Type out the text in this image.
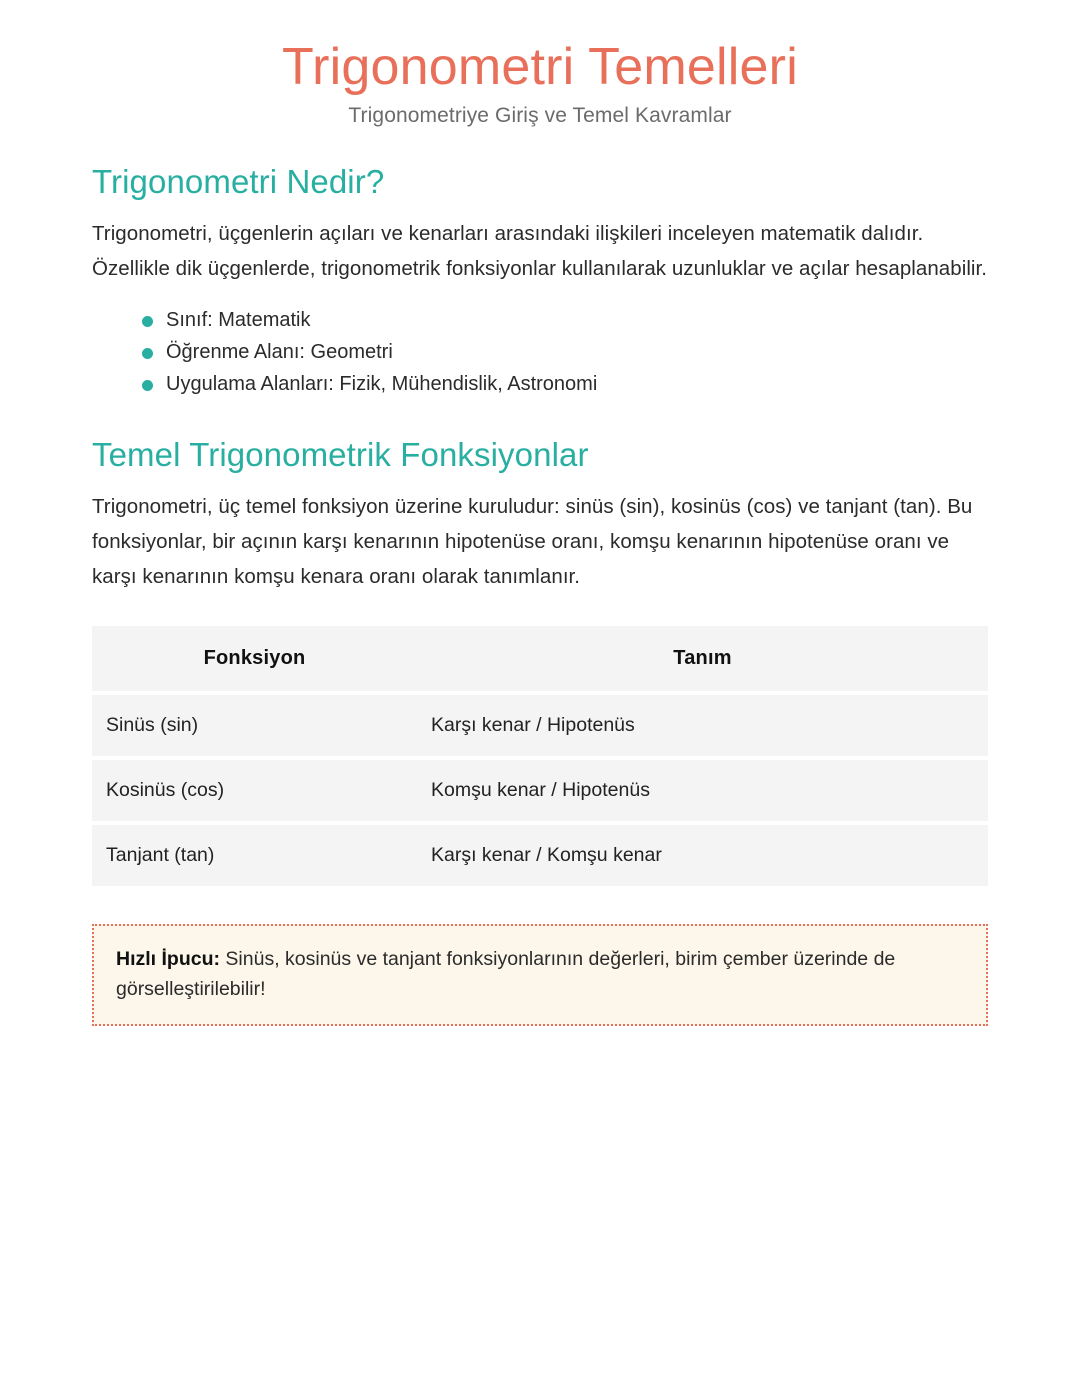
Trigonometri Temelleri

Trigonometriye Giriş ve Temel Kavramlar

Trigonometri Nedir?

Trigonometri, üçgenlerin açıları ve kenarları arasındaki ilişkileri inceleyen matematik dalıdır. Özellikle dik üçgenlerde, trigonometrik fonksiyonlar kullanılarak uzunluklar ve açılar hesaplanabilir.

Sınıf: Matematik
Öğrenme Alanı: Geometri
Uygulama Alanları: Fizik, Mühendislik, Astronomi
Temel Trigonometrik Fonksiyonlar

Trigonometri, üç temel fonksiyon üzerine kuruludur: sinüs (sin), kosinüs (cos) ve tanjant (tan). Bu fonksiyonlar, bir açının karşı kenarının hipotenüse oranı, komşu kenarının hipotenüse oranı ve karşı kenarının komşu kenara oranı olarak tanımlanır.

Fonksiyon	Tanım
Sinüs (sin)	Karşı kenar / Hipotenüs
Kosinüs (cos)	Komşu kenar / Hipotenüs
Tanjant (tan)	Karşı kenar / Komşu kenar
Hızlı İpucu: Sinüs, kosinüs ve tanjant fonksiyonlarının değerleri, birim çember üzerinde de görselleştirilebilir!
